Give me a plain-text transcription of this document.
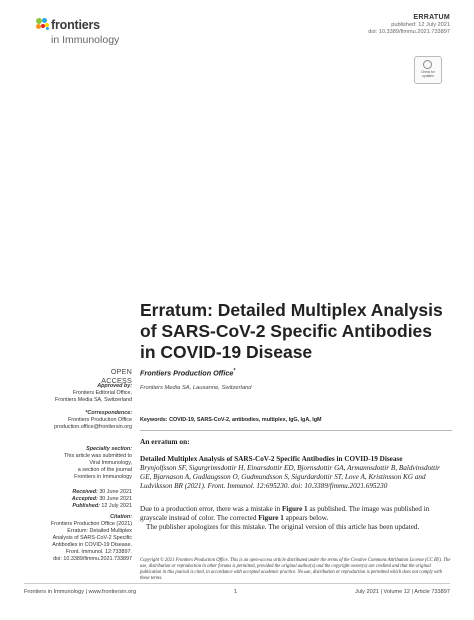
frontiers
in Immunology
ERRATUM
published: 12 July 2021
doi: 10.3389/fimmu.2021.733897
Check for
updates
Erratum: Detailed Multiplex Analysis of SARS-CoV-2 Specific Antibodies in COVID-19 Disease
Frontiers Production Office*
Frontiers Media SA, Lausanne, Switzerland
Keywords: COVID-19, SARS-CoV-2, antibodies, multiplex, IgG, IgA, IgM
OPEN ACCESS
Approved by:
Frontiers Editorial Office,
Frontiers Media SA, Switzerland
*Correspondence:
Frontiers Production Office
production.office@frontiersin.org
Specialty section:
This article was submitted to
Viral Immunology,
a section of the journal
Frontiers in Immunology
Received: 30 June 2021
Accepted: 30 June 2021
Published: 12 July 2021
Citation:
Frontiers Production Office (2021)
Erratum: Detailed Multiplex
Analysis of SARS-CoV-2 Specific
Antibodies in COVID-19 Disease.
Front. Immunol. 12:733897.
doi: 10.3389/fimmu.2021.733897
An erratum on:
Detailed Multiplex Analysis of SARS-CoV-2 Specific Antibodies in COVID-19 Disease
Brynjolfsson SF, Sigurgrimsdottir H, Einarsdottir ED, Bjornsdottir GA, Armannsdottir B, Baldvinsdottir GE, Bjarnason A, Gudlaugsson O, Gudmundsson S, Sigurdardottir ST, Love A, Kristinsson KG and Ludviksson BR (2021). Front. Immunol. 12:695230. doi: 10.3389/fimmu.2021.695230
Due to a production error, there was a mistake in Figure 1 as published. The image was published in grayscale instead of color. The corrected Figure 1 appears below.
The publisher apologizes for this mistake. The original version of this article has been updated.
Copyright © 2021 Frontiers Production Office. This is an open-access article distributed under the terms of the Creative Commons Attribution License (CC BY). The use, distribution or reproduction in other forums is permitted, provided the original author(s) and the copyright owner(s) are credited and that the original publication in this journal is cited, in accordance with accepted academic practice. No use, distribution or reproduction is permitted which does not comply with these terms.
Frontiers in Immunology | www.frontiersin.org	1	July 2021 | Volume 12 | Article 733897
